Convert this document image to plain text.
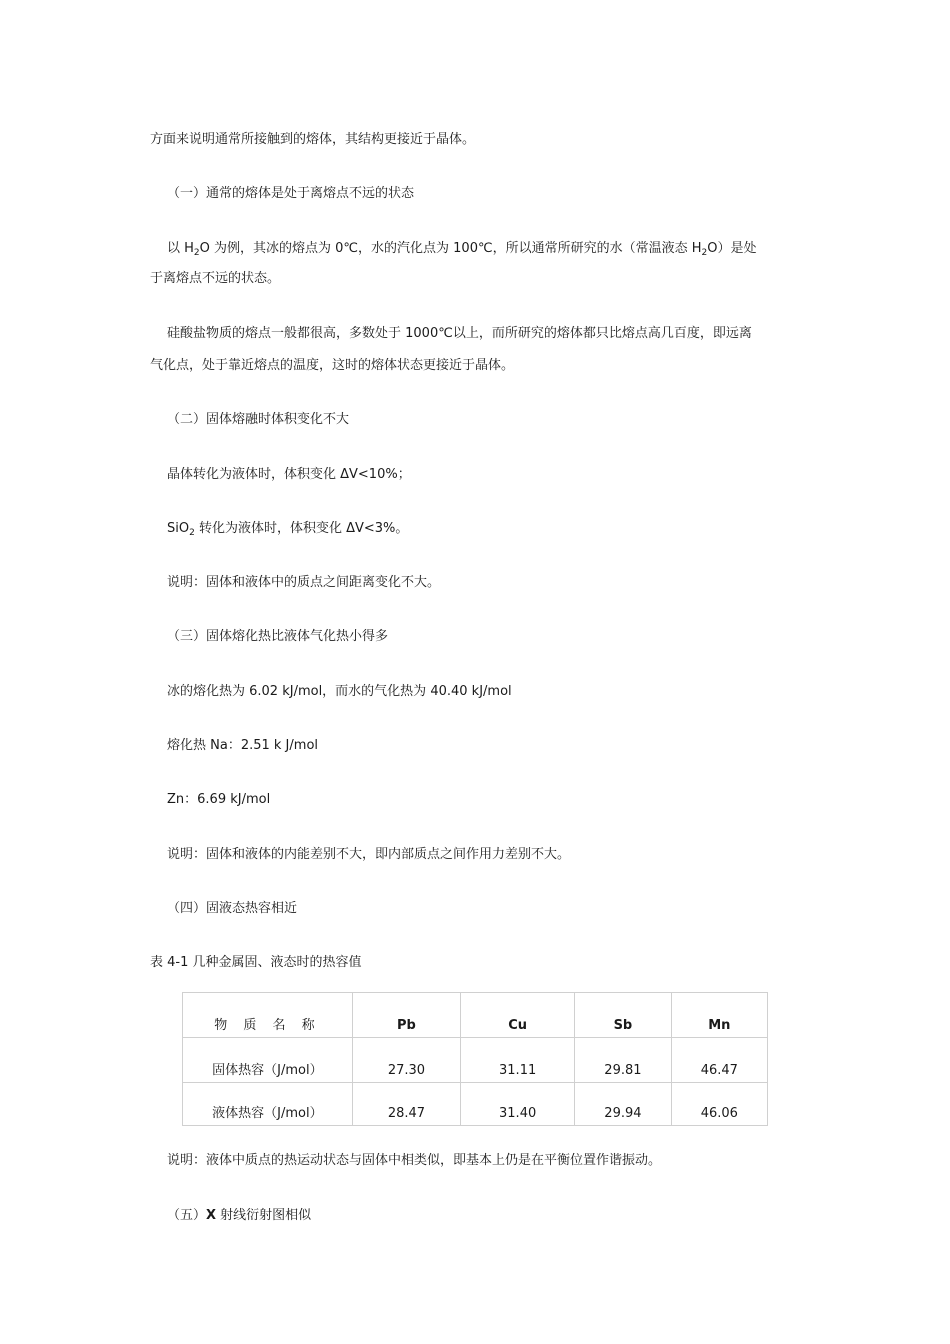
方面来说明通常所接触到的熔体，其结构更接近于晶体。
（一）通常的熔体是处于离熔点不远的状态
以 $H_2O$ 为例，其冰的熔点为 0℃，水的汽化点为 100℃，所以通常所研究的水（常温液态 $H_2O$）是处
于离熔点不远的状态。
硅酸盐物质的熔点一般都很高，多数处于 1000℃以上，而所研究的熔体都只比熔点高几百度，即远离
气化点，处于靠近熔点的温度，这时的熔体状态更接近于晶体。
（二）固体熔融时体积变化不大
晶体转化为液体时，体积变化 ΔV<10%；
SiO$_2$ 转化为液体时，体积变化 ΔV<3%。
说明：固体和液体中的质点之间距离变化不大。
（三）固体熔化热比液体气化热小得多
冰的熔化热为 6.02 kJ/mol，而水的气化热为 40.40 kJ/mol
熔化热 Na：2.51 k J/mol
Zn：6.69 kJ/mol
说明：固体和液体的内能差别不大，即内部质点之间作用力差别不大。
（四）固液态热容相近
表 4-1 几种金属固、液态时的热容值
物 质 名 称	Pb	Cu	Sb	Mn
固体热容（J/mol）	27.30	31.11	29.81	46.47
液体热容（J/mol）	28.47	31.40	29.94	46.06
说明：液体中质点的热运动状态与固体中相类似，即基本上仍是在平衡位置作谐振动。
（五）X 射线衍射图相似
